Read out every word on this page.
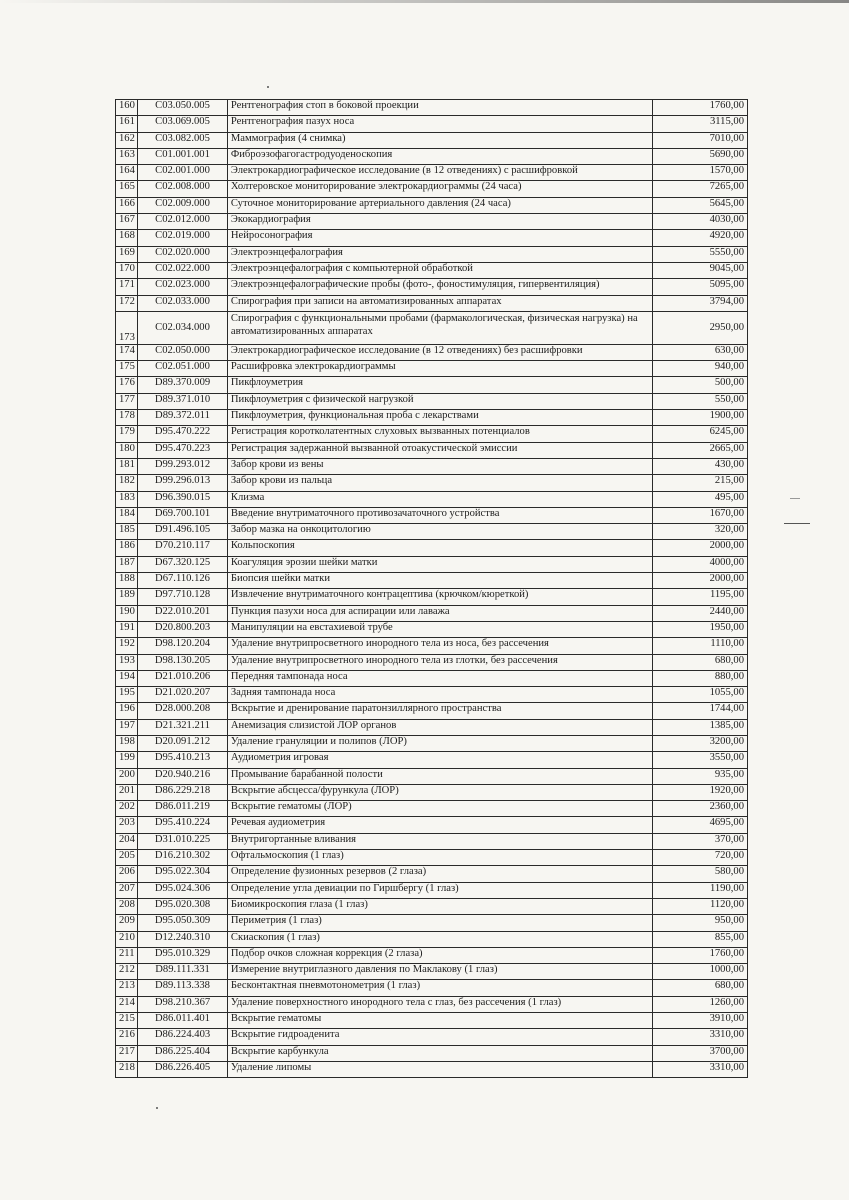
160	C03.050.005	Рентгенография стоп в боковой проекции	1760,00
161	C03.069.005	Рентгенография пазух носа	3115,00
162	C03.082.005	Маммография (4 снимка)	7010,00
163	C01.001.001	Фиброэзофагогастродуоденоскопия	5690,00
164	C02.001.000	Электрокардиографическое исследование (в 12 отведениях) с расшифровкой	1570,00
165	C02.008.000	Холтеровское мониторирование электрокардиограммы (24 часа)	7265,00
166	C02.009.000	Суточное мониторирование артериального давления (24 часа)	5645,00
167	C02.012.000	Экокардиография	4030,00
168	C02.019.000	Нейросонография	4920,00
169	C02.020.000	Электроэнцефалография	5550,00
170	C02.022.000	Электроэнцефалография с компьютерной обработкой	9045,00
171	C02.023.000	Электроэнцефалографические пробы (фото-, фоностимуляция, гипервентиляция)	5095,00
172	C02.033.000	Спирография при записи на автоматизированных аппаратах	3794,00
173	C02.034.000	Спирография с функциональными пробами (фармакологическая, физическая нагрузка) на автоматизированных аппаратах	2950,00
174	C02.050.000	Электрокардиографическое исследование (в 12 отведениях) без расшифровки	630,00
175	C02.051.000	Расшифровка электрокардиограммы	940,00
176	D89.370.009	Пикфлоуметрия	500,00
177	D89.371.010	Пикфлоуметрия с физической нагрузкой	550,00
178	D89.372.011	Пикфлоуметрия, функциональная проба с лекарствами	1900,00
179	D95.470.222	Регистрация коротколатентных слуховых вызванных потенциалов	6245,00
180	D95.470.223	Регистрация задержанной вызванной отоакустической эмиссии	2665,00
181	D99.293.012	Забор крови из вены	430,00
182	D99.296.013	Забор крови из пальца	215,00
183	D96.390.015	Клизма	495,00
184	D69.700.101	Введение внутриматочного противозачаточного устройства	1670,00
185	D91.496.105	Забор мазка на онкоцитологию	320,00
186	D70.210.117	Кольпоскопия	2000,00
187	D67.320.125	Коагуляция эрозии шейки матки	4000,00
188	D67.110.126	Биопсия шейки матки	2000,00
189	D97.710.128	Извлечение внутриматочного контрацептива (крючком/кюреткой)	1195,00
190	D22.010.201	Пункция пазухи носа для аспирации или лаважа	2440,00
191	D20.800.203	Манипуляции на евстахиевой трубе	1950,00
192	D98.120.204	Удаление внутрипросветного инородного тела из носа, без рассечения	1110,00
193	D98.130.205	Удаление внутрипросветного инородного тела из глотки, без рассечения	680,00
194	D21.010.206	Передняя тампонада носа	880,00
195	D21.020.207	Задняя тампонада носа	1055,00
196	D28.000.208	Вскрытие и дренирование паратонзиллярного пространства	1744,00
197	D21.321.211	Анемизация слизистой ЛОР органов	1385,00
198	D20.091.212	Удаление грануляции и полипов (ЛОР)	3200,00
199	D95.410.213	Аудиометрия игровая	3550,00
200	D20.940.216	Промывание барабанной полости	935,00
201	D86.229.218	Вскрытие абсцесса/фурункула (ЛОР)	1920,00
202	D86.011.219	Вскрытие гематомы (ЛОР)	2360,00
203	D95.410.224	Речевая аудиометрия	4695,00
204	D31.010.225	Внутригортанные вливания	370,00
205	D16.210.302	Офтальмоскопия (1 глаз)	720,00
206	D95.022.304	Определение фузионных резервов (2 глаза)	580,00
207	D95.024.306	Определение угла девиации по Гиршбергу (1 глаз)	1190,00
208	D95.020.308	Биомикроскопия глаза (1 глаз)	1120,00
209	D95.050.309	Периметрия (1 глаз)	950,00
210	D12.240.310	Скиаскопия (1 глаз)	855,00
211	D95.010.329	Подбор очков сложная коррекция (2 глаза)	1760,00
212	D89.111.331	Измерение внутриглазного давления по Маклакову (1 глаз)	1000,00
213	D89.113.338	Бесконтактная пневмотонометрия (1 глаз)	680,00
214	D98.210.367	Удаление поверхностного инородного тела с глаз, без рассечения (1 глаз)	1260,00
215	D86.011.401	Вскрытие гематомы	3910,00
216	D86.224.403	Вскрытие гидроаденита	3310,00
217	D86.225.404	Вскрытие карбункула	3700,00
218	D86.226.405	Удаление липомы	3310,00
